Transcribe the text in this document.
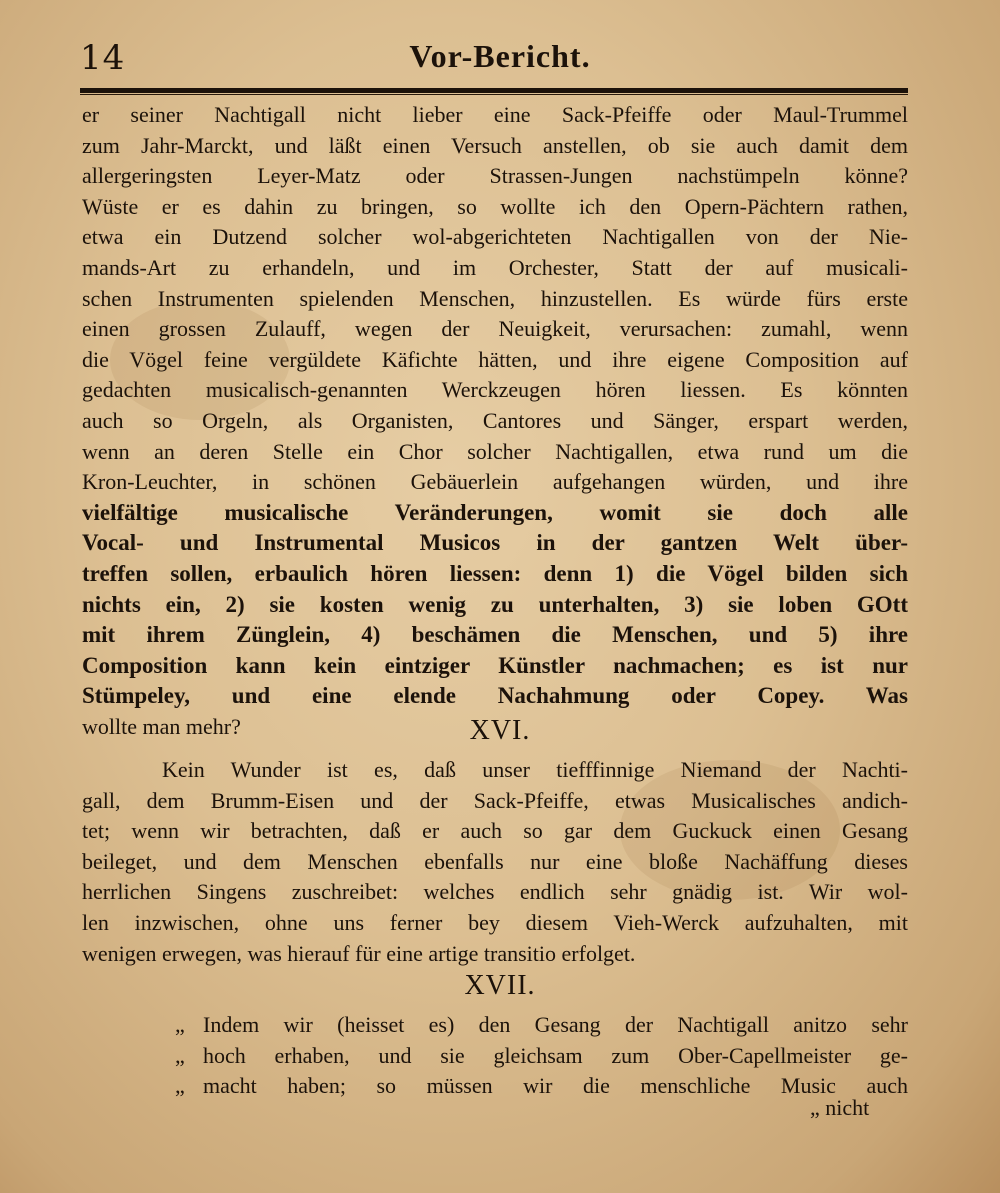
14	Vor-Bericht.
er seiner Nachtigall nicht lieber eine Sack-Pfeiffe oder Maul-Trummel
zum Jahr-Marckt, und läßt einen Versuch anstellen, ob sie auch damit dem
allergeringsten Leyer-Matz oder Strassen-Jungen nachstümpeln könne?
Wüste er es dahin zu bringen, so wollte ich den Opern-Pächtern rathen,
etwa ein Dutzend solcher wol-abgerichteten Nachtigallen von der Nie-
mands-Art zu erhandeln, und im Orchester, Statt der auf musicali-
schen Instrumenten spielenden Menschen, hinzustellen. Es würde fürs erste
einen grossen Zulauff, wegen der Neuigkeit, verursachen: zumahl, wenn
die Vögel feine vergüldete Käfichte hätten, und ihre eigene Composition auf
gedachten musicalisch-genannten Werckzeugen hören liessen. Es könnten
auch so Orgeln, als Organisten, Cantores und Sänger, erspart werden,
wenn an deren Stelle ein Chor solcher Nachtigallen, etwa rund um die
Kron-Leuchter, in schönen Gebäuerlein aufgehangen würden, und ihre
vielfältige musicalische Veränderungen, womit sie doch alle
Vocal- und Instrumental Musicos in der gantzen Welt über-
treffen sollen, erbaulich hören liessen: denn 1) die Vögel bilden sich
nichts ein, 2) sie kosten wenig zu unterhalten, 3) sie loben GOtt
mit ihrem Zünglein, 4) beschämen die Menschen, und 5) ihre
Composition kann kein eintziger Künstler nachmachen; es ist nur
Stümpeley, und eine elende Nachahmung oder Copey. Was
wollte man mehr?	XVI.
Kein Wunder ist es, daß unser tiefffinnige Niemand der Nachti-
gall, dem Brumm-Eisen und der Sack-Pfeiffe, etwas Musicalisches andich-
tet; wenn wir betrachten, daß er auch so gar dem Guckuck einen Gesang
beileget, und dem Menschen ebenfalls nur eine bloße Nachäffung dieses
herrlichen Singens zuschreibet: welches endlich sehr gnädig ist. Wir wol-
len inzwischen, ohne uns ferner bey diesem Vieh-Werck aufzuhalten, mit
wenigen erwegen, was hierauf für eine artige transitio erfolget.
XVII.
„ Indem wir (heisset es) den Gesang der Nachtigall anitzo sehr
„ hoch erhaben, und sie gleichsam zum Ober-Capellmeister ge-
„ macht haben; so müssen wir die menschliche Music auch
„ nicht
